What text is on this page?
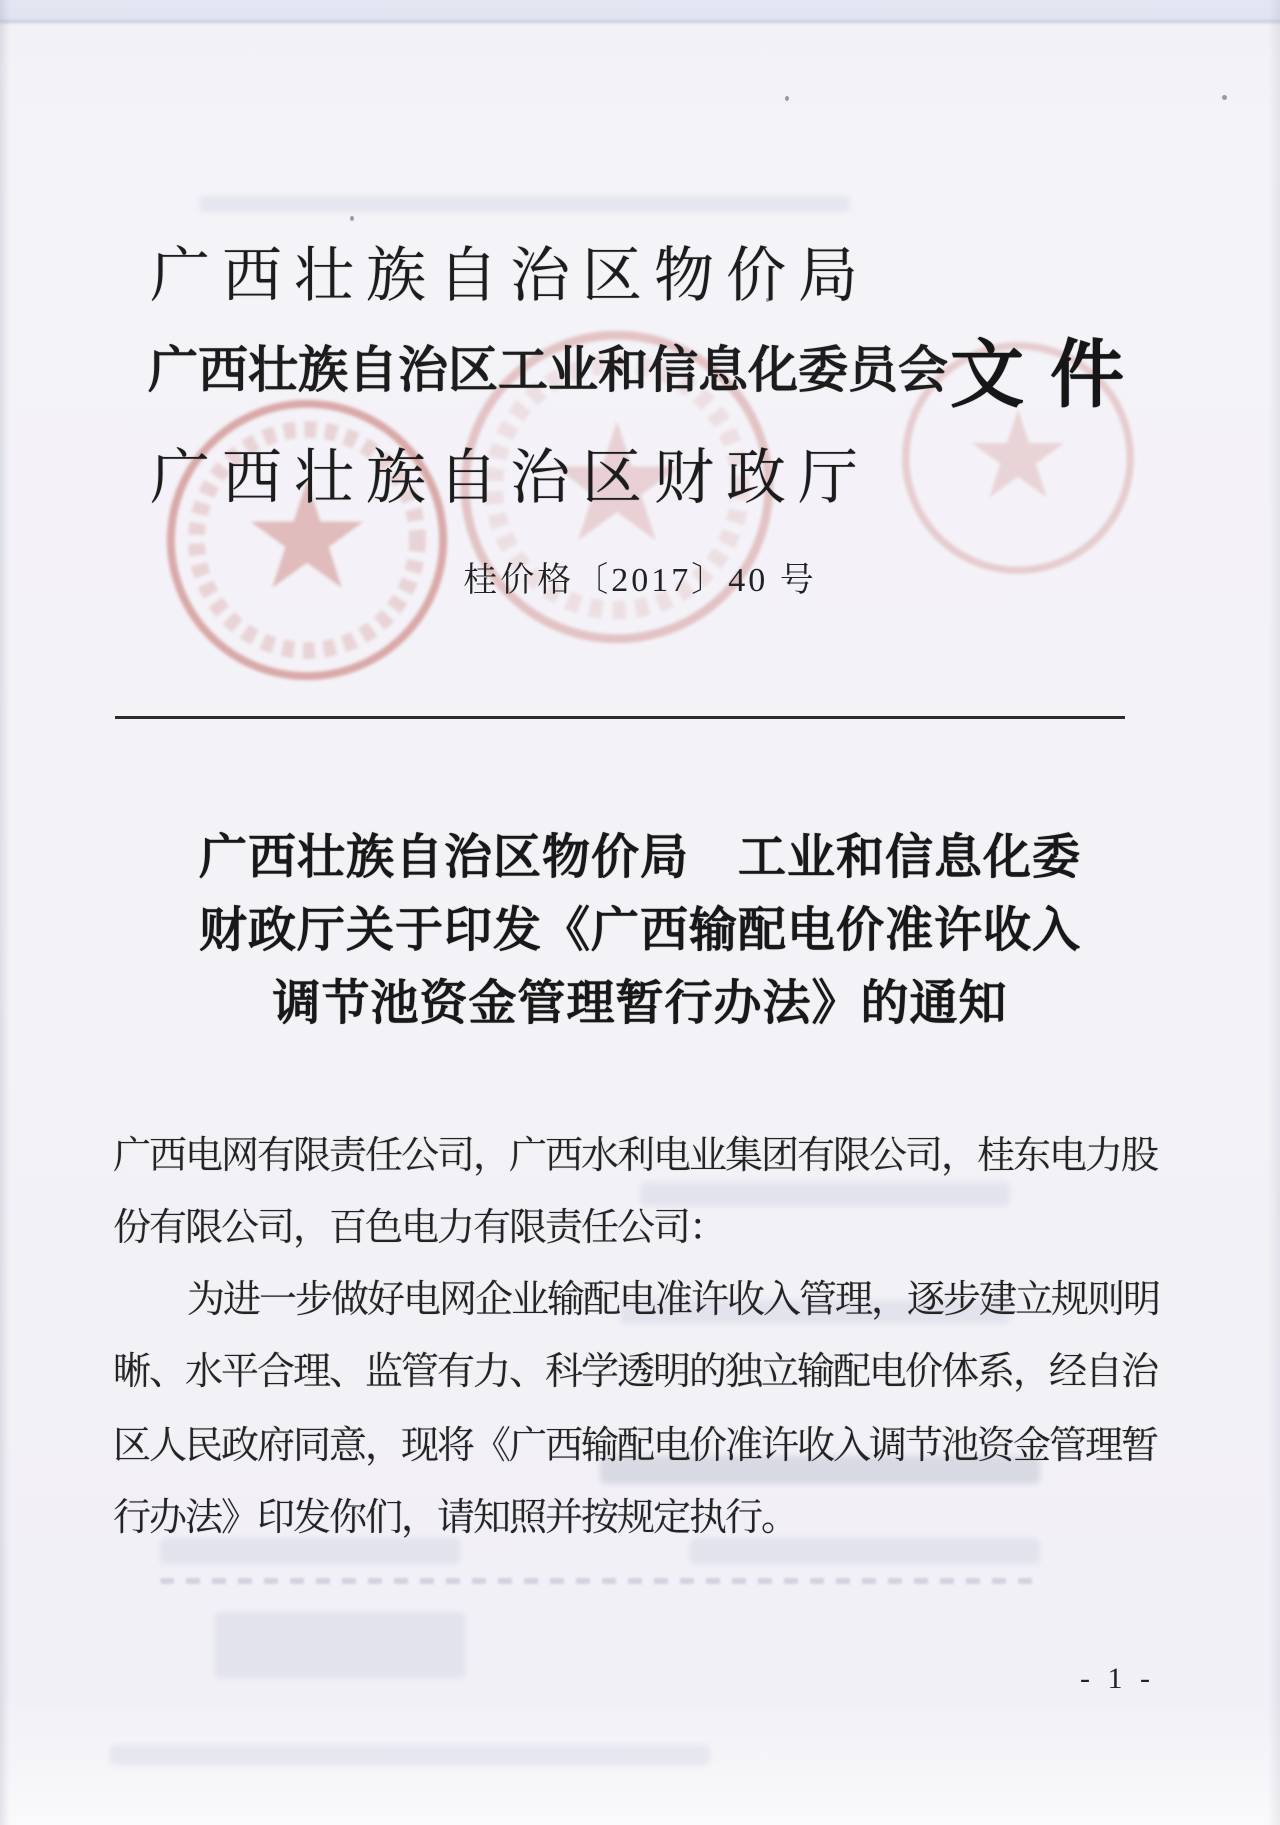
广西壮族自治区物价局
广西壮族自治区工业和信息化委员会 文件
广西壮族自治区财政厅
桂价格〔2017〕40 号
广西壮族自治区物价局　工业和信息化委
财政厅关于印发《广西输配电价准许收入
调节池资金管理暂行办法》的通知
广西电网有限责任公司，广西水利电业集团有限公司，桂东电力股
份有限公司，百色电力有限责任公司：
为进一步做好电网企业输配电准许收入管理，逐步建立规则明
晰、水平合理、监管有力、科学透明的独立输配电价体系，经自治
区人民政府同意，现将《广西输配电价准许收入调节池资金管理暂
行办法》印发你们，请知照并按规定执行。
- 1 -
